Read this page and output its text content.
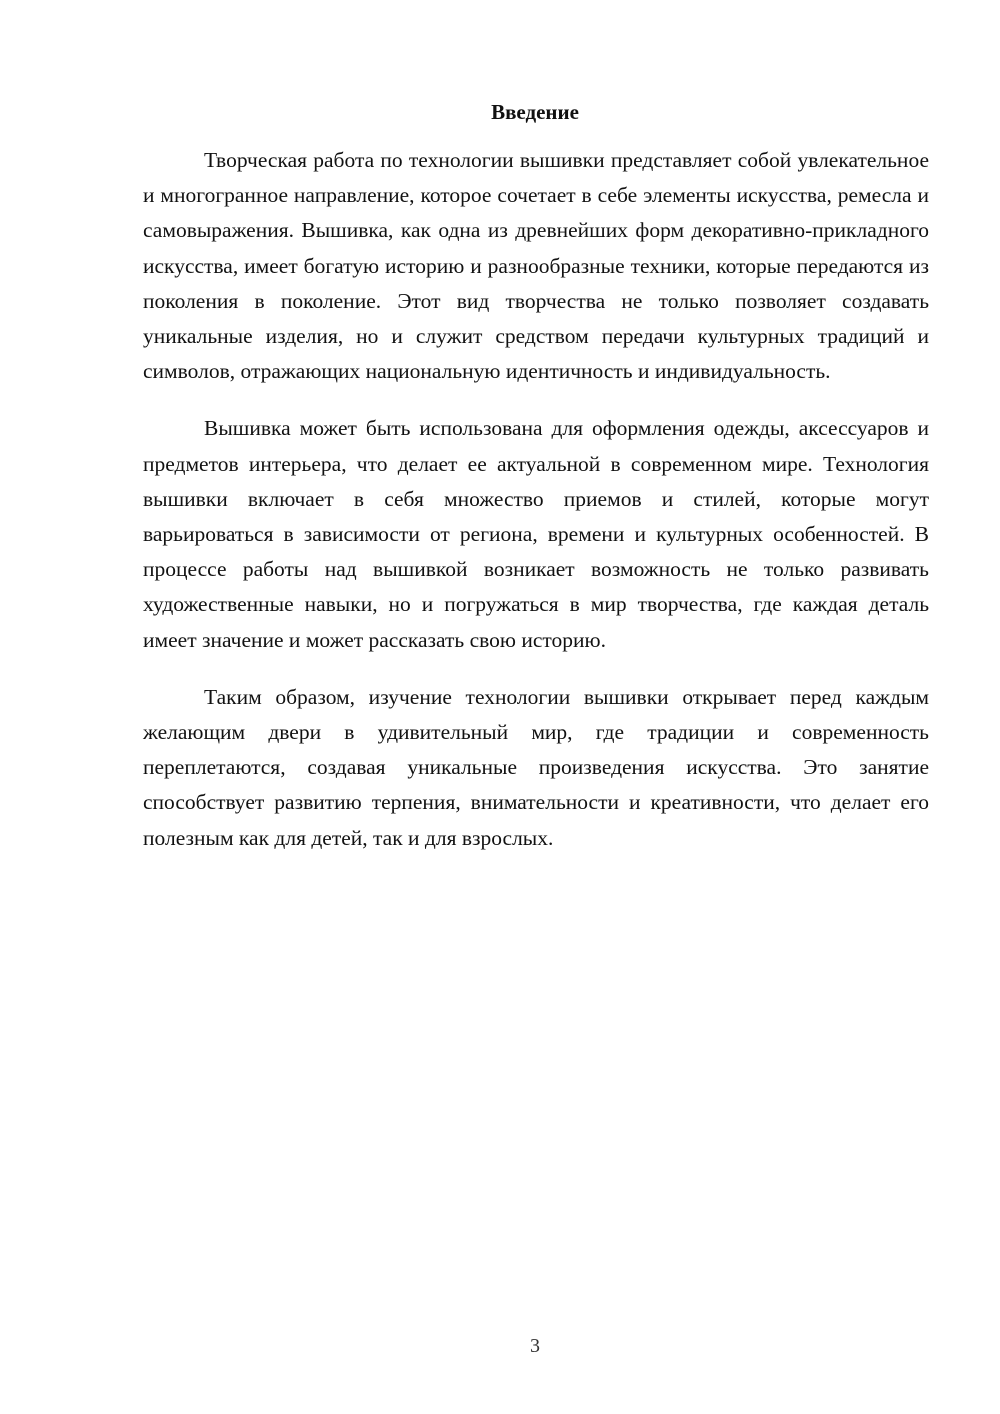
Введение

Творческая работа по технологии вышивки представляет собой увлекательное и многогранное направление, которое сочетает в себе элементы искусства, ремесла и самовыражения. Вышивка, как одна из древнейших форм декоративно-прикладного искусства, имеет богатую историю и разнообразные техники, которые передаются из поколения в поколение. Этот вид творчества не только позволяет создавать уникальные изделия, но и служит средством передачи культурных традиций и символов, отражающих национальную идентичность и индивидуальность.

Вышивка может быть использована для оформления одежды, аксессуаров и предметов интерьера, что делает ее актуальной в современном мире. Технология вышивки включает в себя множество приемов и стилей, которые могут варьироваться в зависимости от региона, времени и культурных особенностей. В процессе работы над вышивкой возникает возможность не только развивать художественные навыки, но и погружаться в мир творчества, где каждая деталь имеет значение и может рассказать свою историю.

Таким образом, изучение технологии вышивки открывает перед каждым желающим двери в удивительный мир, где традиции и современность переплетаются, создавая уникальные произведения искусства. Это занятие способствует развитию терпения, внимательности и креативности, что делает его полезным как для детей, так и для взрослых.

3
